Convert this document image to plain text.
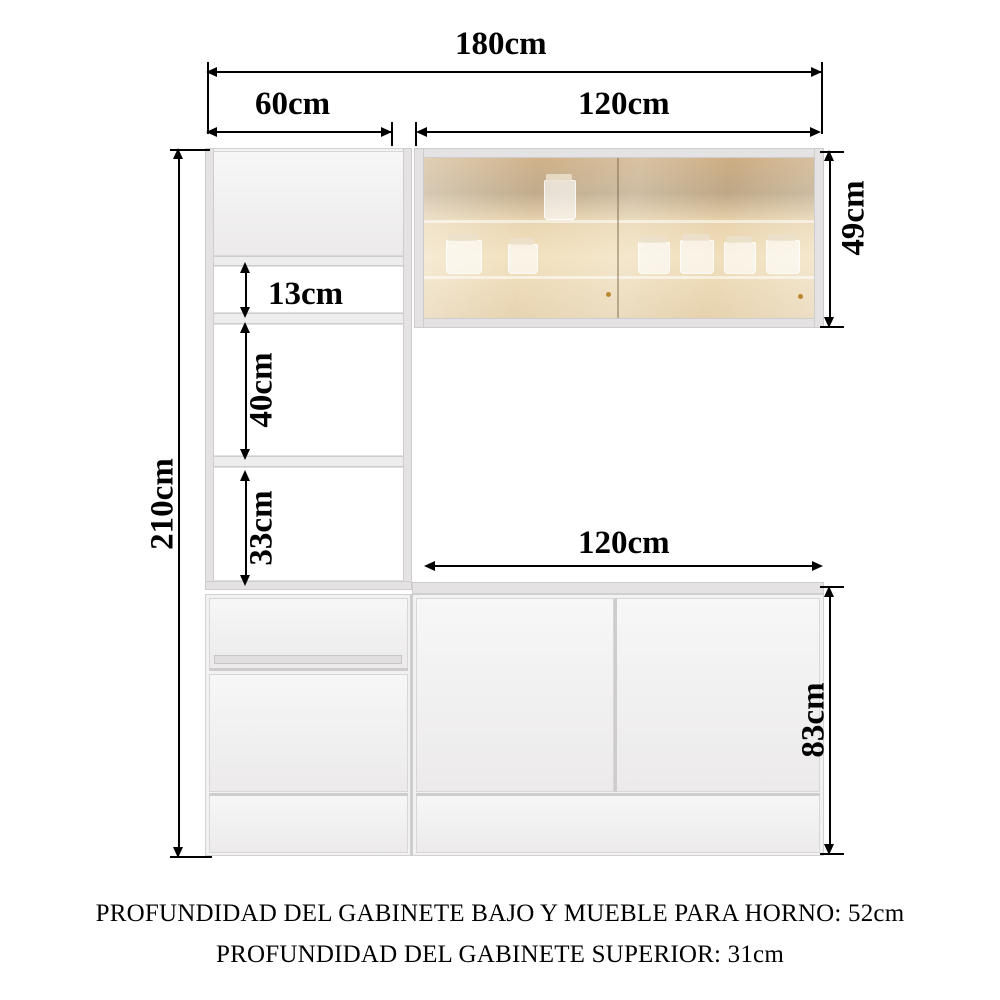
180cm
60cm	120cm
49cm
210cm
13cm
40cm
33cm	120cm
83cm
PROFUNDIDAD DEL GABINETE BAJO Y MUEBLE PARA HORNO: 52cm
PROFUNDIDAD DEL GABINETE SUPERIOR: 31cm
